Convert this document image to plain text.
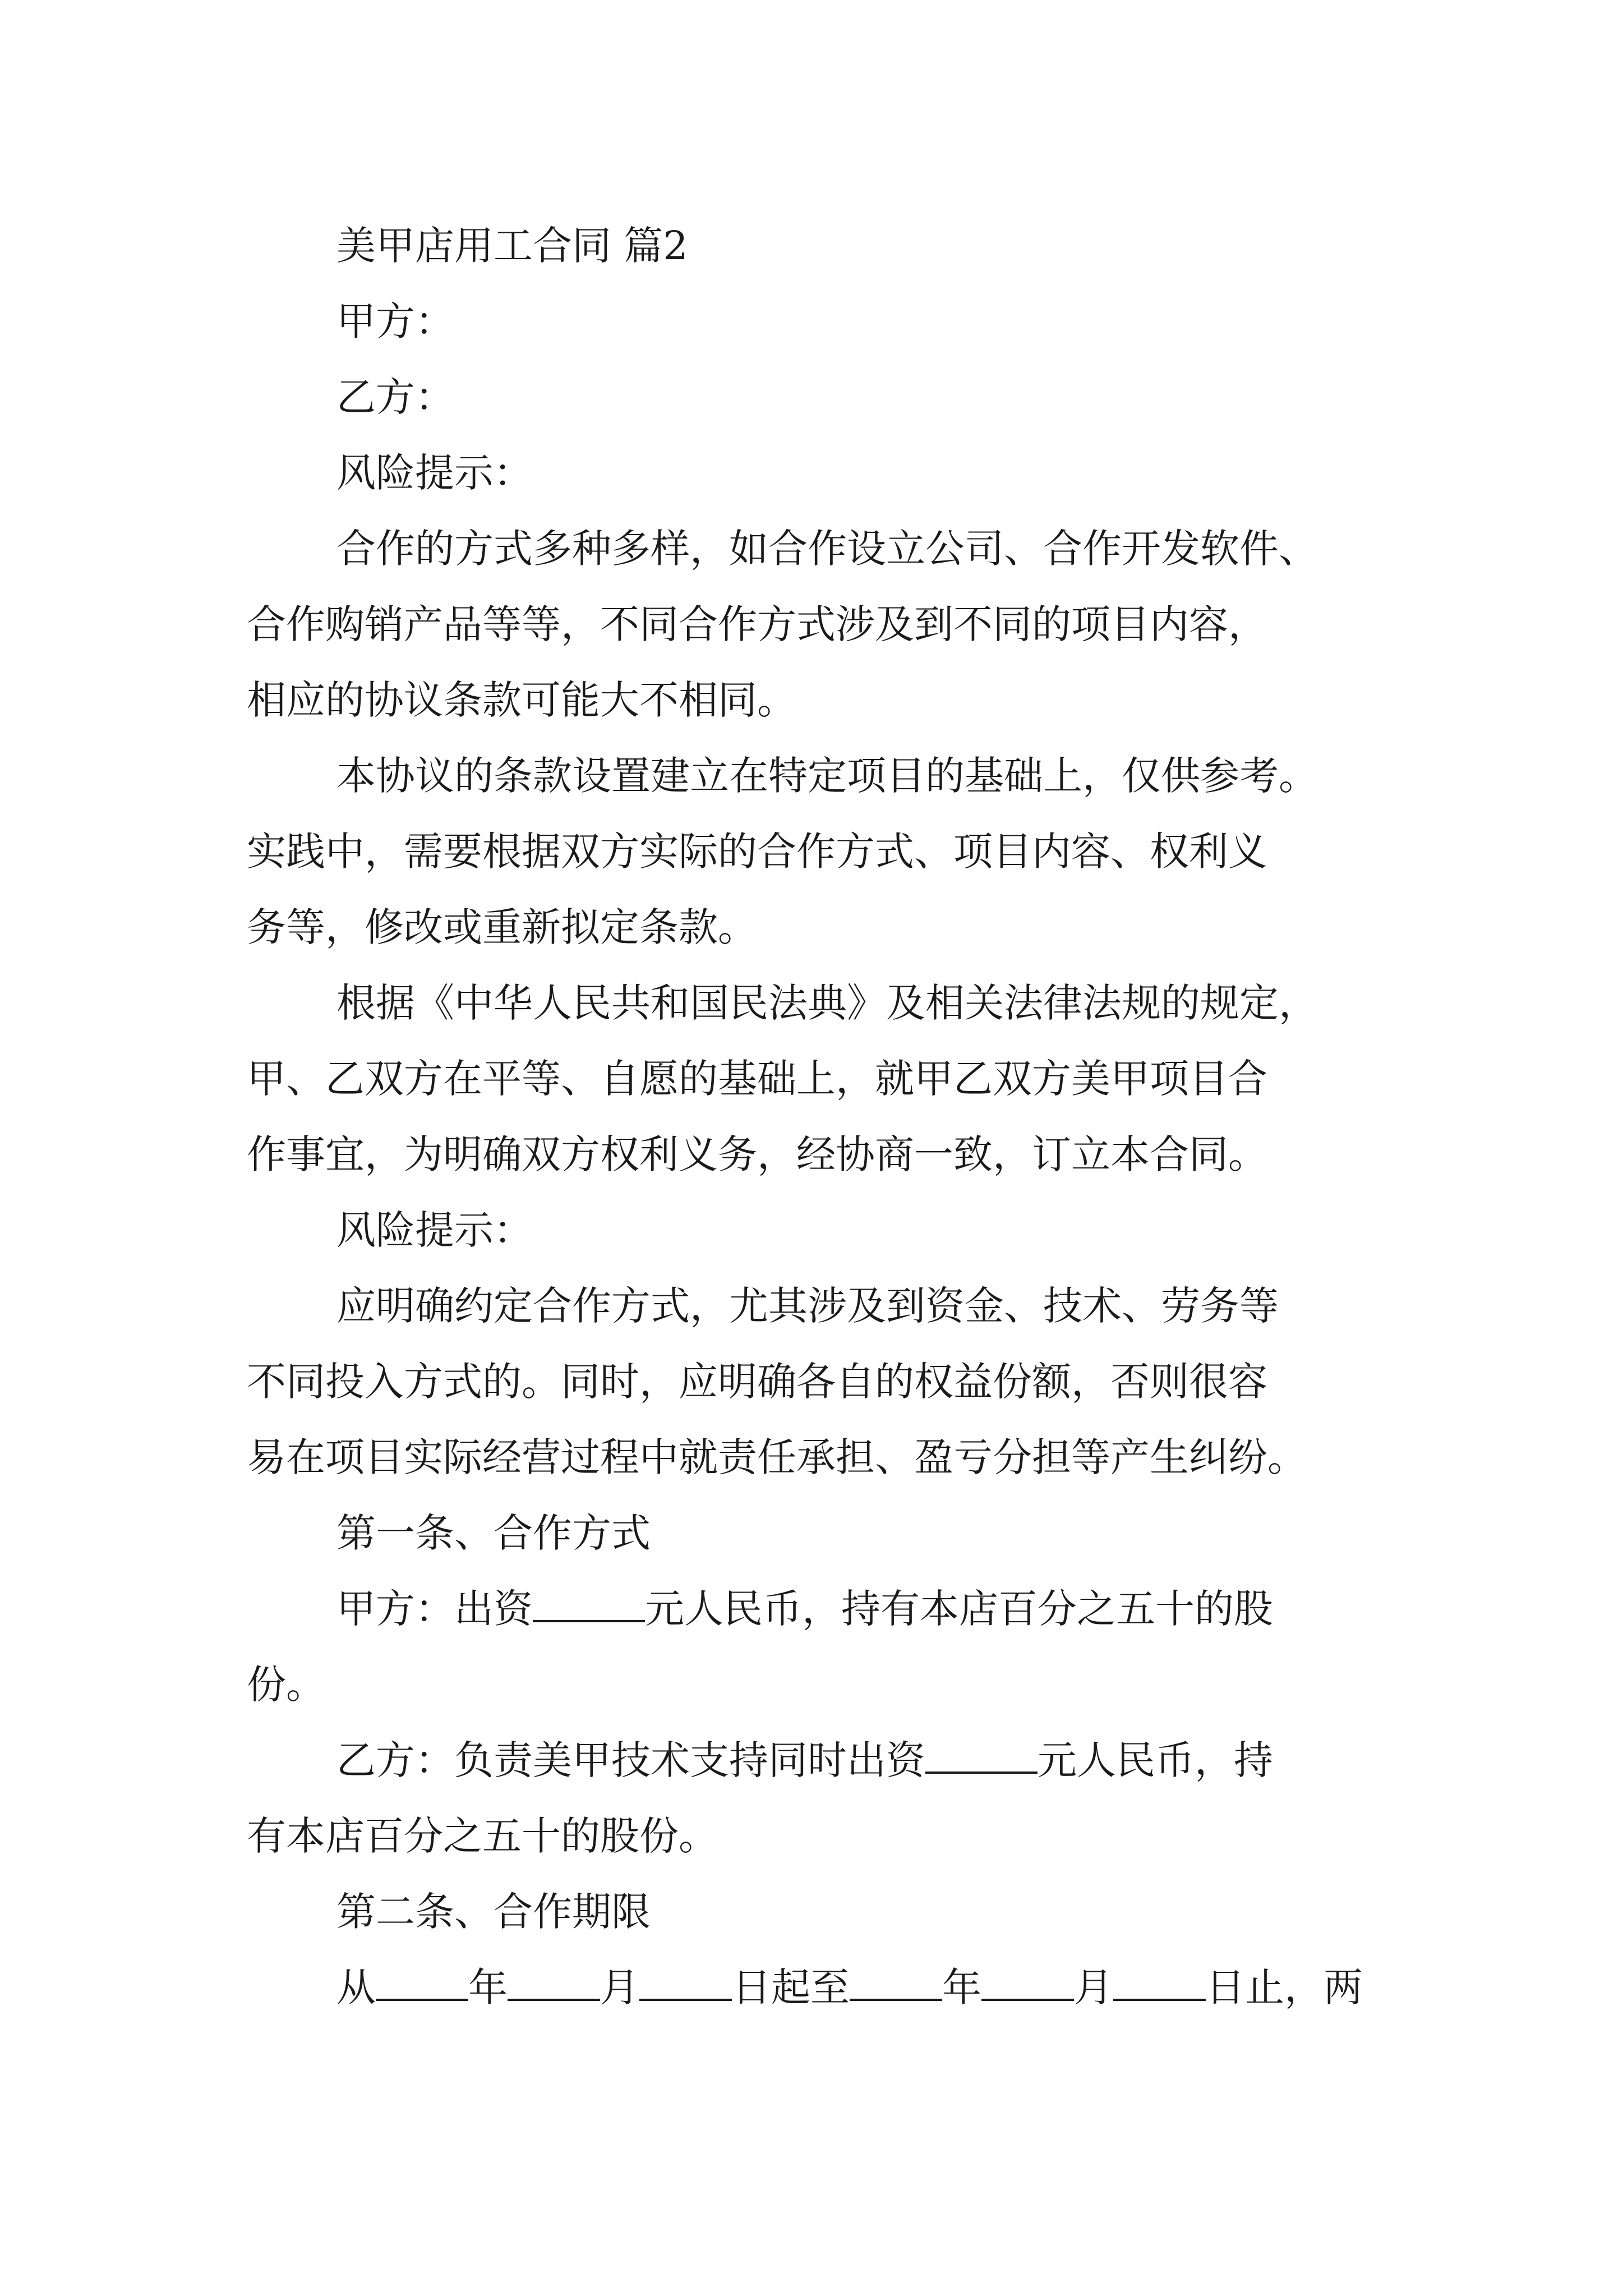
美甲店用工合同 篇2
甲方：
乙方：
风险提示：
合作的方式多种多样，如合作设立公司、合作开发软件、
合作购销产品等等，不同合作方式涉及到不同的项目内容，
相应的协议条款可能大不相同。
本协议的条款设置建立在特定项目的基础上，仅供参考。
实践中，需要根据双方实际的合作方式、项目内容、权利义
务等，修改或重新拟定条款。
根据《中华人民共和国民法典》及相关法律法规的规定，
甲、乙双方在平等、自愿的基础上，就甲乙双方美甲项目合
作事宜，为明确双方权利义务，经协商一致，订立本合同。
风险提示：
应明确约定合作方式，尤其涉及到资金、技术、劳务等
不同投入方式的。同时，应明确各自的权益份额，否则很容
易在项目实际经营过程中就责任承担、盈亏分担等产生纠纷。
第一条、合作方式
甲方：出资	元人民币，持有本店百分之五十的股
份。
乙方：负责美甲技术支持同时出资	元人民币，持
有本店百分之五十的股份。
第二条、合作期限
从 年 月 日起至 年 月 日止，两
